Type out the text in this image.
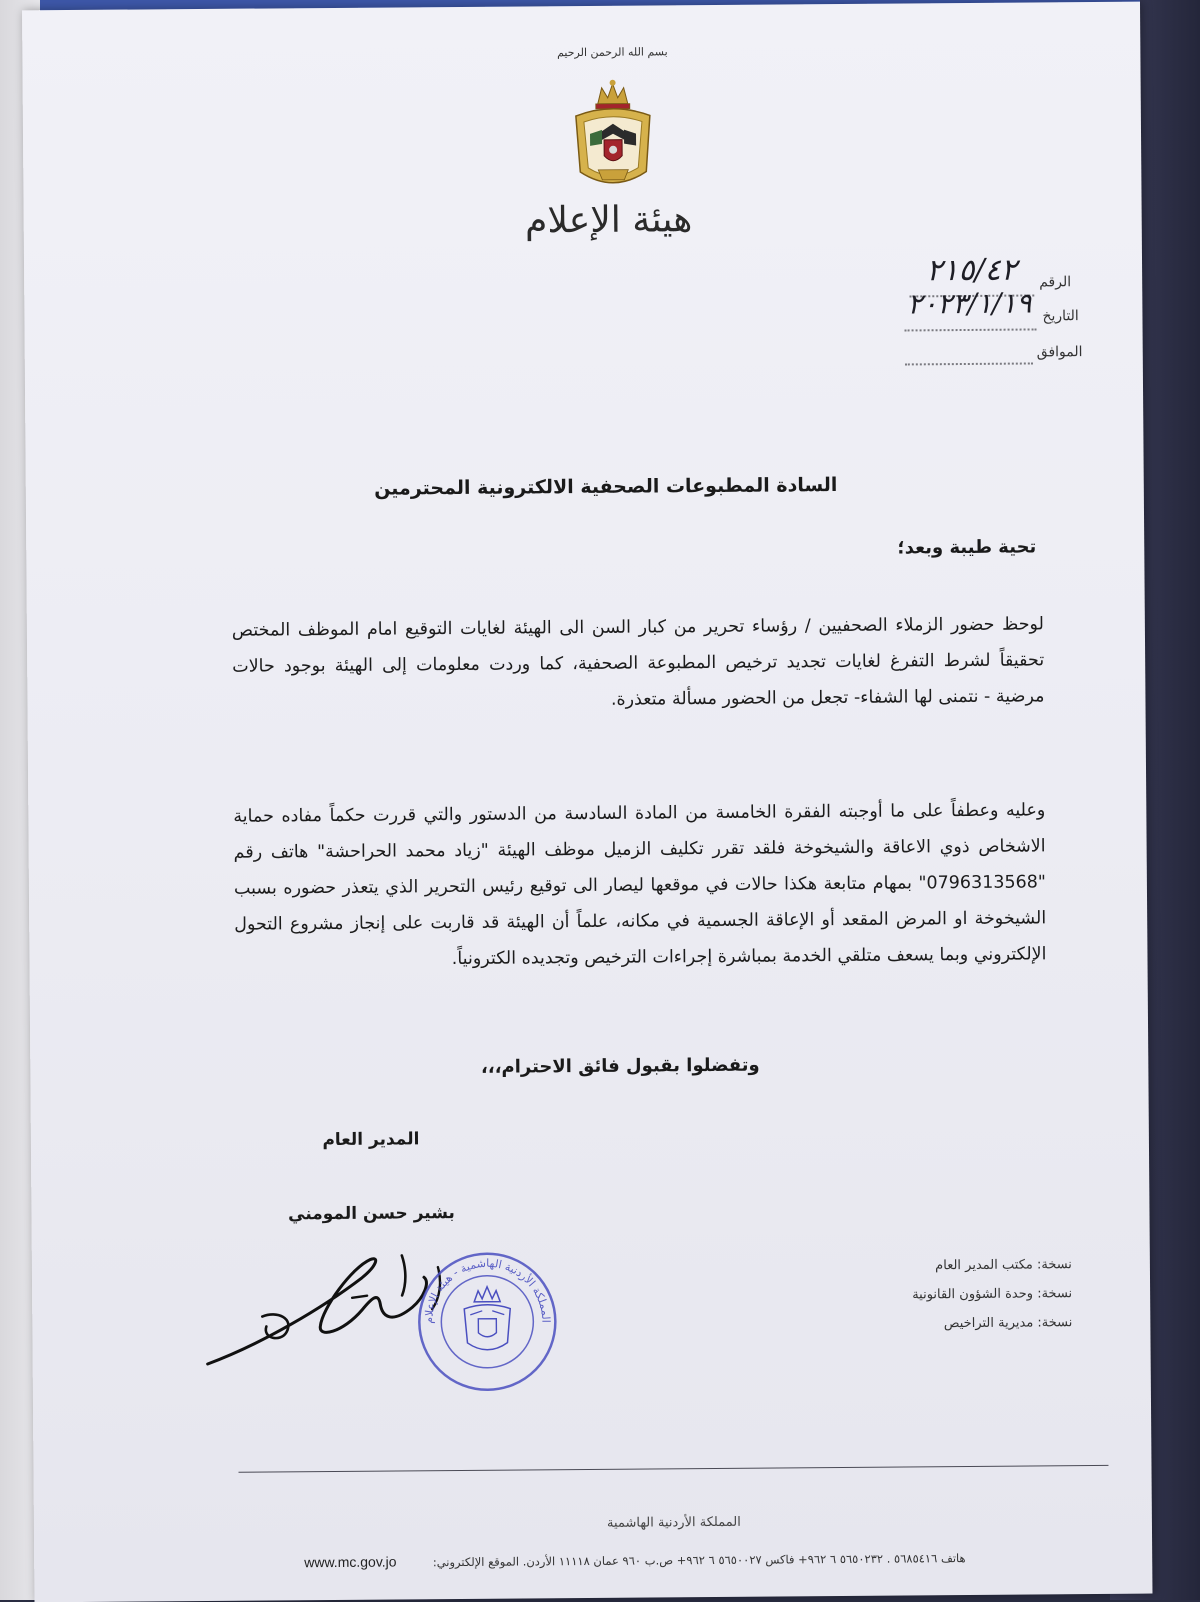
بسم الله الرحمن الرحيم
هيئة الإعلام
الرقم
٢١٥/٤٢
التاريخ
٢٠٢٣/١/١٩
الموافق
السادة المطبوعات الصحفية الالكترونية المحترمين
تحية طيبة وبعد؛
لوحظ حضور الزملاء الصحفيين / رؤساء تحرير من كبار السن الى الهيئة لغايات التوقيع امام الموظف المختص تحقيقاً لشرط التفرغ لغايات تجديد ترخيص المطبوعة الصحفية، كما وردت معلومات إلى الهيئة بوجود حالات مرضية - نتمنى لها الشفاء- تجعل من الحضور مسألة متعذرة.
وعليه وعطفاً على ما أوجبته الفقرة الخامسة من المادة السادسة من الدستور والتي قررت حكماً مفاده حماية الاشخاص ذوي الاعاقة والشيخوخة فلقد تقرر تكليف الزميل موظف الهيئة "زياد محمد الحراحشة" هاتف رقم "0796313568" بمهام متابعة هكذا حالات في موقعها ليصار الى توقيع رئيس التحرير الذي يتعذر حضوره بسبب الشيخوخة او المرض المقعد أو الإعاقة الجسمية في مكانه، علماً أن الهيئة قد قاربت على إنجاز مشروع التحول الإلكتروني وبما يسعف متلقي الخدمة بمباشرة إجراءات الترخيص وتجديده الكترونياً.
وتفضلوا بقبول فائق الاحترام،،،
المدير العام
بشير حسن المومني
المملكة الأردنية الهاشمية - هيئة الإعلام
نسخة: مكتب المدير العام
نسخة: وحدة الشؤون القانونية
نسخة: مديرية التراخيص
المملكة الأردنية الهاشمية
هاتف ٥٦٨٥٤١٦ . ٥٦٥٠٢٣٢ ٦ ٩٦٢+ فاكس ٥٦٥٠٠٢٧ ٦ ٩٦٢+ ص.ب ٩٦٠ عمان ١١١١٨ الأردن. الموقع الإلكتروني:
www.mc.gov.jo
